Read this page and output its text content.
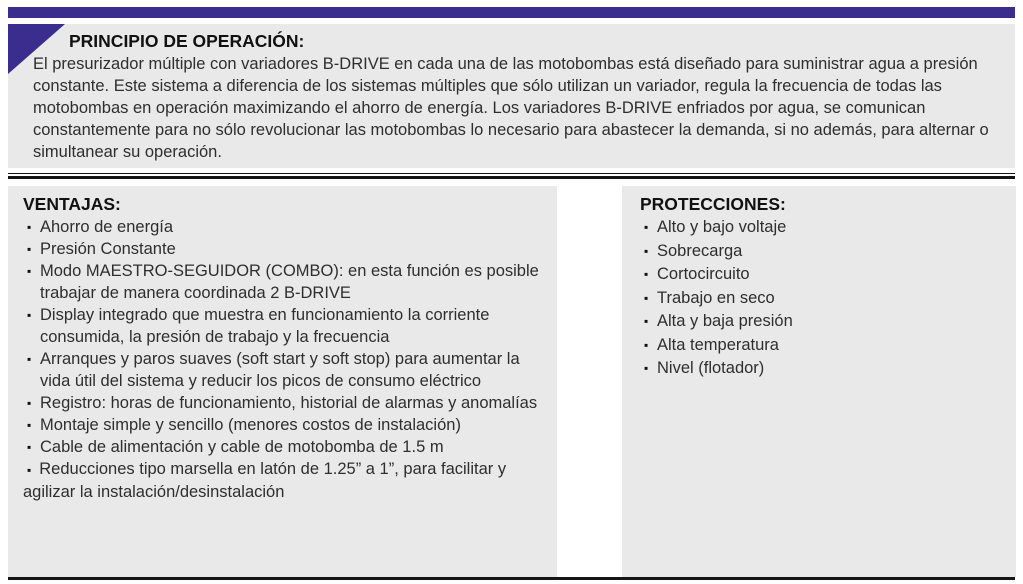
PRINCIPIO DE OPERACIÓN:

El presurizador múltiple con variadores B-DRIVE en cada una de las motobombas está diseñado para suministrar agua a presión constante. Este sistema a diferencia de los sistemas múltiples que sólo utilizan un variador, regula la frecuencia de todas las motobombas en operación maximizando el ahorro de energía. Los variadores B-DRIVE enfriados por agua, se comunican constantemente para no sólo revolucionar las motobombas lo necesario para abastecer la demanda, si no además, para alternar o simultanear su operación.

VENTAJAS:
▪ Ahorro de energía
▪ Presión Constante
▪ Modo MAESTRO-SEGUIDOR (COMBO): en esta función es posible trabajar de manera coordinada 2 B-DRIVE
▪ Display integrado que muestra en funcionamiento la corriente consumida, la presión de trabajo y la frecuencia
▪ Arranques y paros suaves (soft start y soft stop) para aumentar la vida útil del sistema y reducir los picos de consumo eléctrico
▪ Registro: horas de funcionamiento, historial de alarmas y anomalías
▪ Montaje simple y sencillo (menores costos de instalación)
▪ Cable de alimentación y cable de motobomba de 1.5 m
▪ Reducciones tipo marsella en latón de 1.25” a 1”, para facilitar y agilizar la instalación/desinstalación
PROTECCIONES:
▪ Alto y bajo voltaje
▪ Sobrecarga
▪ Cortocircuito
▪ Trabajo en seco
▪ Alta y baja presión
▪ Alta temperatura
▪ Nivel (flotador)
